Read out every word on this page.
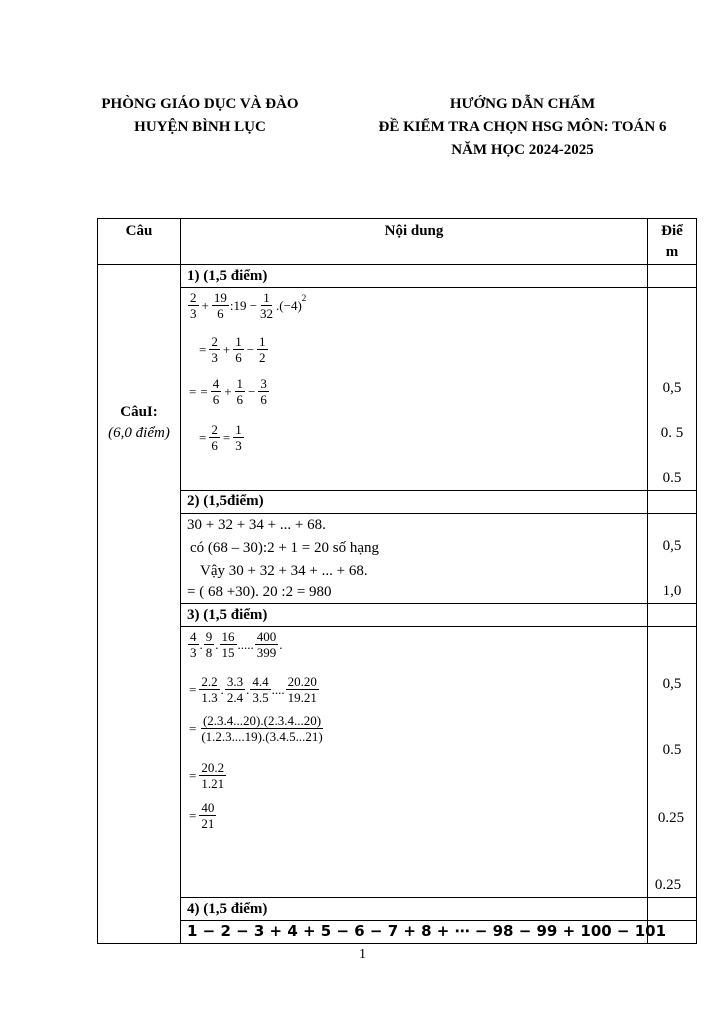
PHÒNG GIÁO DỤC VÀ ĐÀO
HUYỆN BÌNH LỤC
HƯỚNG DẪN CHẤM
ĐỀ KIỂM TRA CHỌN HSG MÔN: TOÁN 6
NĂM HỌC 2024-2025
Câu	Nội dung	Điể
m
CâuI:
(6,0 điểm)
1) (1,5 điểm)
$\frac{2}{3} + \frac{19}{6}$ :19 − $\frac{1}{32} .(-4)^2$
= $\frac{2}{3} + \frac{1}{6} - \frac{1}{2}$
= = $\frac{4}{6} + \frac{1}{6} - \frac{3}{6}$
= $\frac{2}{6} = \frac{1}{3}$
0,5
0. 5
0.5
2) (1,5điểm)
30 + 32 + 34 + ... + 68.
có (68 – 30):2 + 1 = 20 số hạng
Vậy 30 + 32 + 34 + ... + 68.
= ( 68 +30). 20 :2 = 980
0,5
1,0
3) (1,5 điểm)
$\frac{4}{3}$ . $\frac{9}{8}$ . $\frac{16}{15}$ ..... $\frac{400}{399}$ .
= $\frac{2.2}{1.3}$ . $\frac{3.3}{2.4}$ . $\frac{4.4}{3.5}$ .... $\frac{20.20}{19.21}$
= $\frac{(2.3.4...20).(2.3.4...20)}{(1.2.3....19).(3.4.5...21)}$
= $\frac{20.2}{1.21}$
= $\frac{40}{21}$
0,5
0.5
0.25
0.25
4) (1,5 điểm)
1 − 2 − 3 + 4 + 5 − 6 − 7 + 8 + ⋯ − 98 − 99 + 100 − 101
1
